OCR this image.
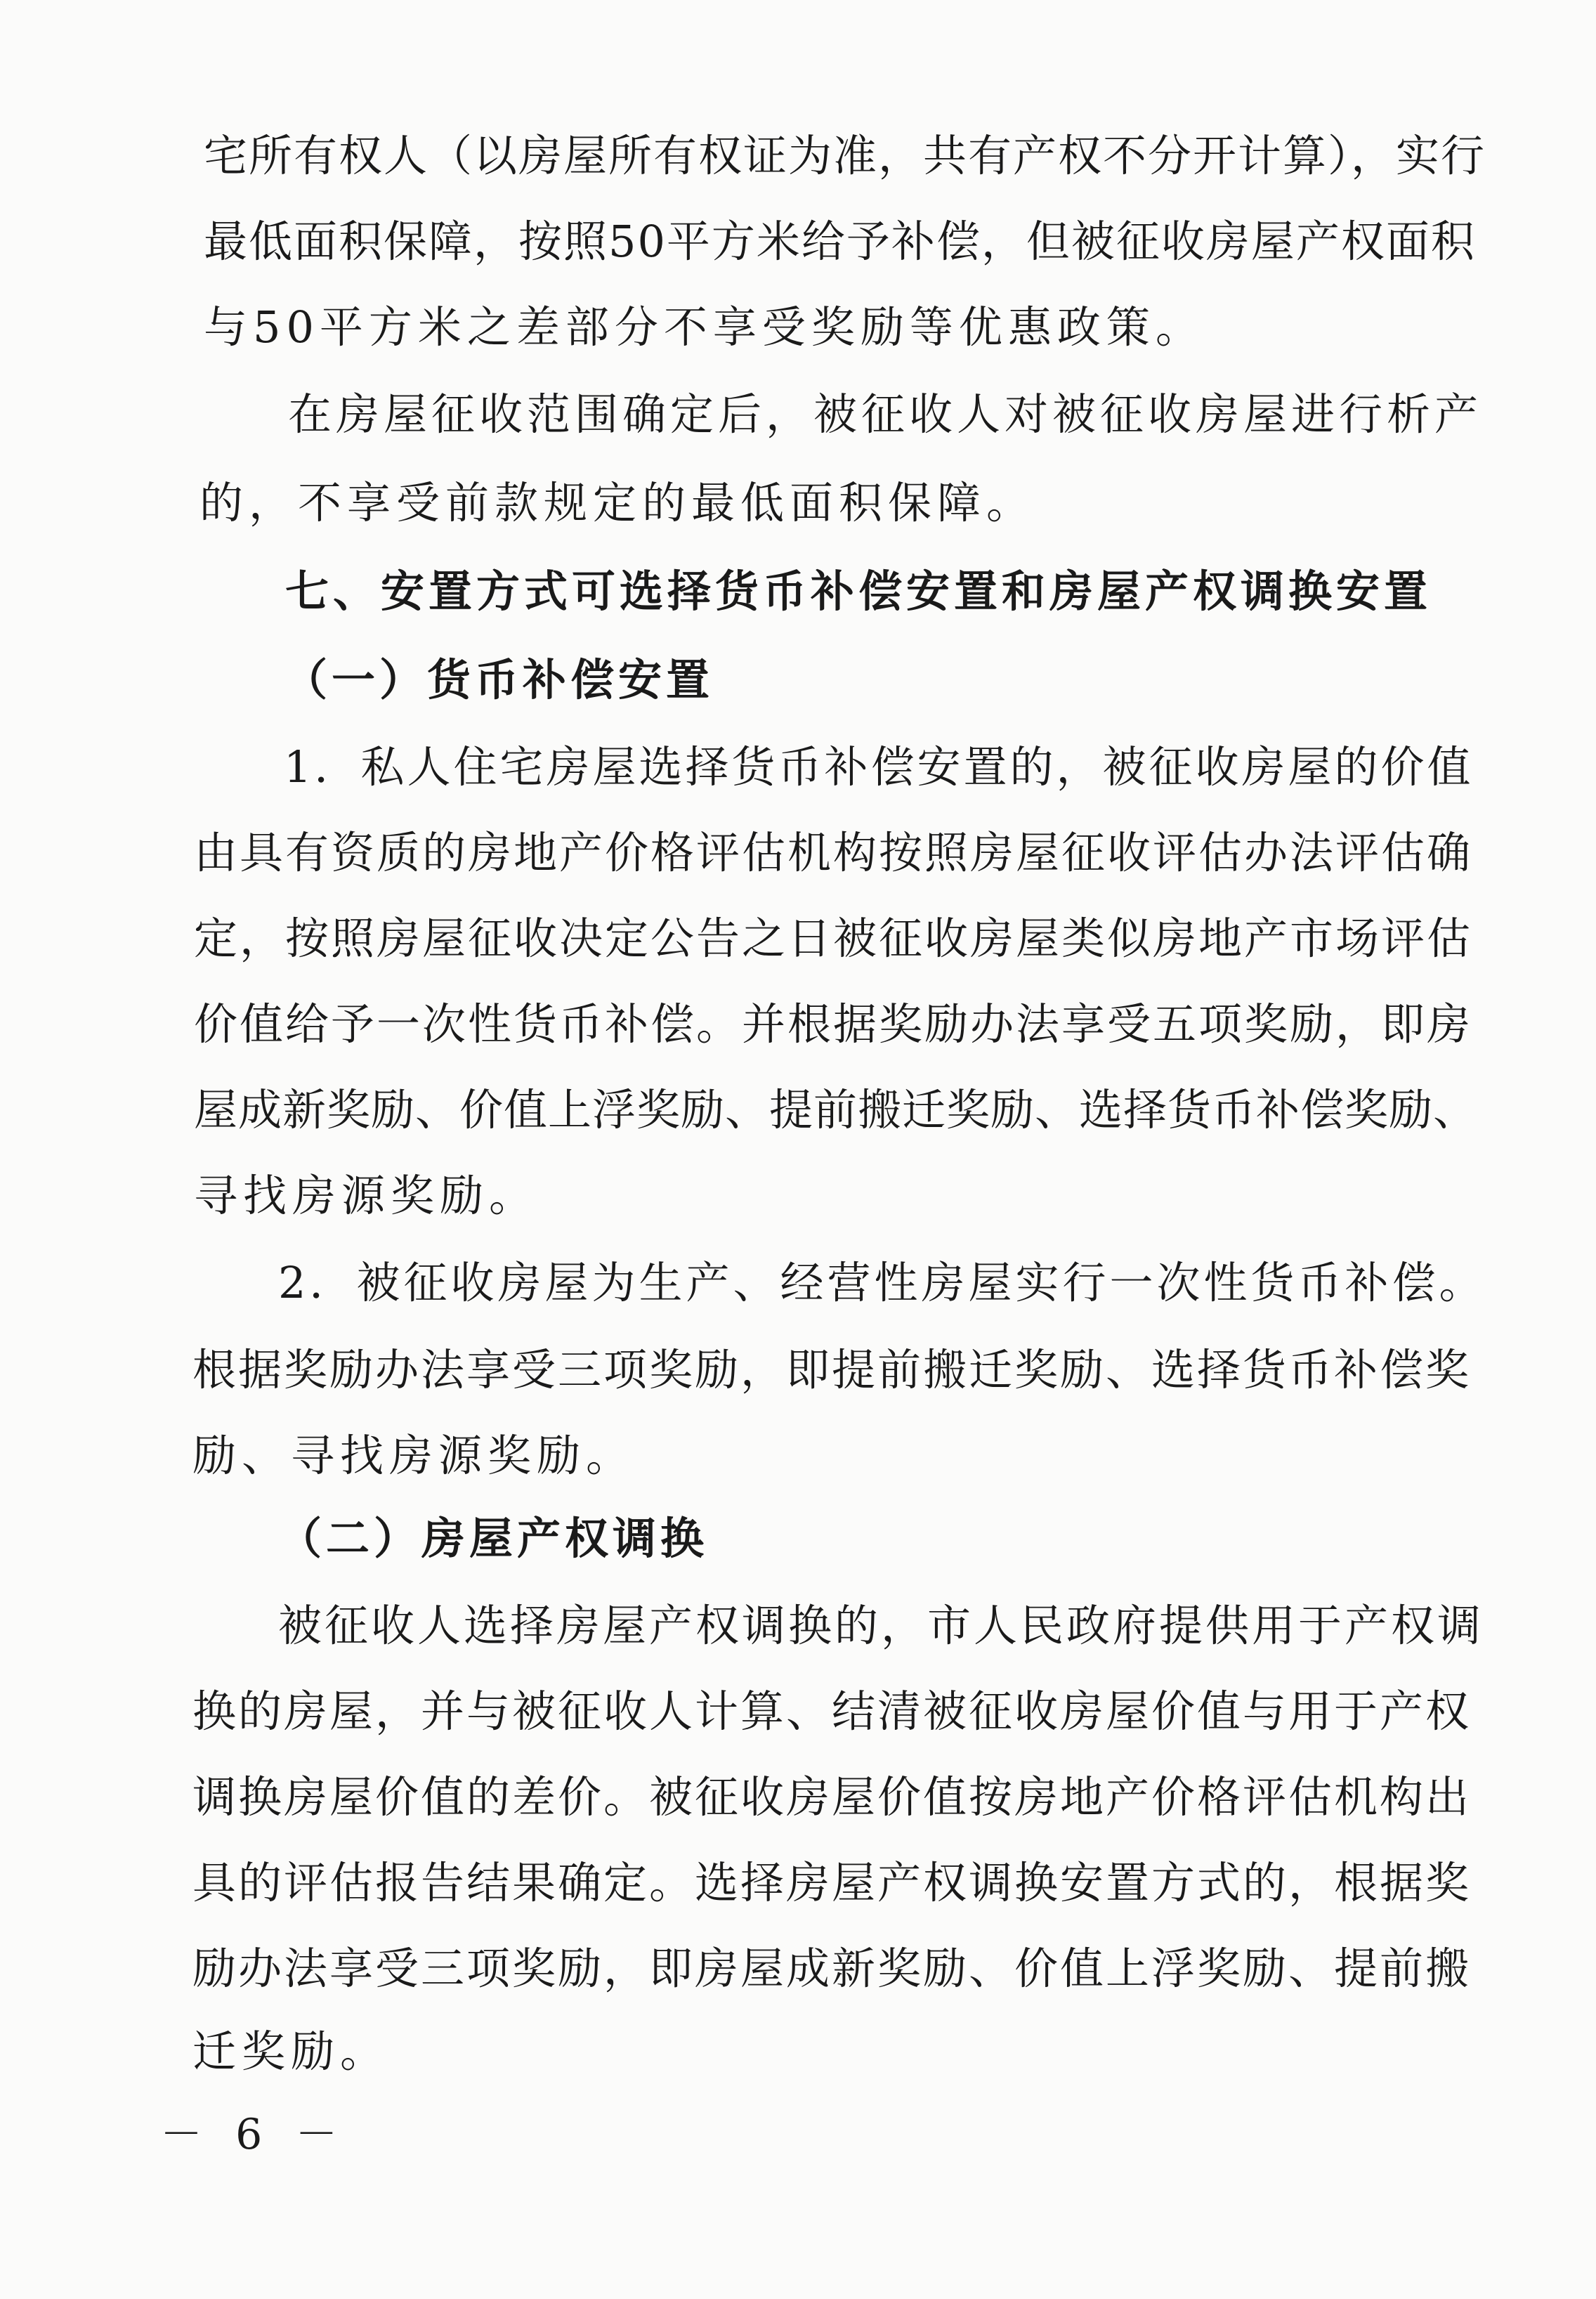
宅所有权人（以房屋所有权证为准，共有产权不分开计算），实行
最低面积保障，按照50平方米给予补偿，但被征收房屋产权面积
与50平方米之差部分不享受奖励等优惠政策。
在房屋征收范围确定后，被征收人对被征收房屋进行析产
的，不享受前款规定的最低面积保障。
七、安置方式可选择货币补偿安置和房屋产权调换安置
（一）货币补偿安置
1．私人住宅房屋选择货币补偿安置的，被征收房屋的价值
由具有资质的房地产价格评估机构按照房屋征收评估办法评估确
定，按照房屋征收决定公告之日被征收房屋类似房地产市场评估
价值给予一次性货币补偿。并根据奖励办法享受五项奖励，即房
屋成新奖励、价值上浮奖励、提前搬迁奖励、选择货币补偿奖励、
寻找房源奖励。
2．被征收房屋为生产、经营性房屋实行一次性货币补偿。
根据奖励办法享受三项奖励，即提前搬迁奖励、选择货币补偿奖
励、寻找房源奖励。
（二）房屋产权调换
被征收人选择房屋产权调换的，市人民政府提供用于产权调
换的房屋，并与被征收人计算、结清被征收房屋价值与用于产权
调换房屋价值的差价。被征收房屋价值按房地产价格评估机构出
具的评估报告结果确定。选择房屋产权调换安置方式的，根据奖
励办法享受三项奖励，即房屋成新奖励、价值上浮奖励、提前搬
迁奖励。
－ 6 －
